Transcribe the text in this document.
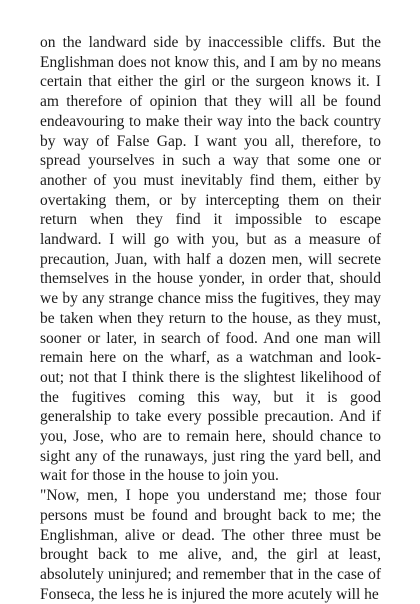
on the landward side by inaccessible cliffs. But the Englishman does not know this, and I am by no means certain that either the girl or the surgeon knows it. I am therefore of opinion that they will all be found endeavouring to make their way into the back country by way of False Gap. I want you all, therefore, to spread yourselves in such a way that some one or another of you must inevitably find them, either by overtaking them, or by intercepting them on their return when they find it impossible to escape landward. I will go with you, but as a measure of precaution, Juan, with half a dozen men, will secrete themselves in the house yonder, in order that, should we by any strange chance miss the fugitives, they may be taken when they return to the house, as they must, sooner or later, in search of food. And one man will remain here on the wharf, as a watchman and look-out; not that I think there is the slightest likelihood of the fugitives coming this way, but it is good generalship to take every possible precaution. And if you, Jose, who are to remain here, should chance to sight any of the runaways, just ring the yard bell, and wait for those in the house to join you.

"Now, men, I hope you understand me; those four persons must be found and brought back to me; the Englishman, alive or dead. The other three must be brought back to me alive, and, the girl at least, absolutely uninjured; and remember that in the case of Fonseca, the less he is injured the more acutely will he
